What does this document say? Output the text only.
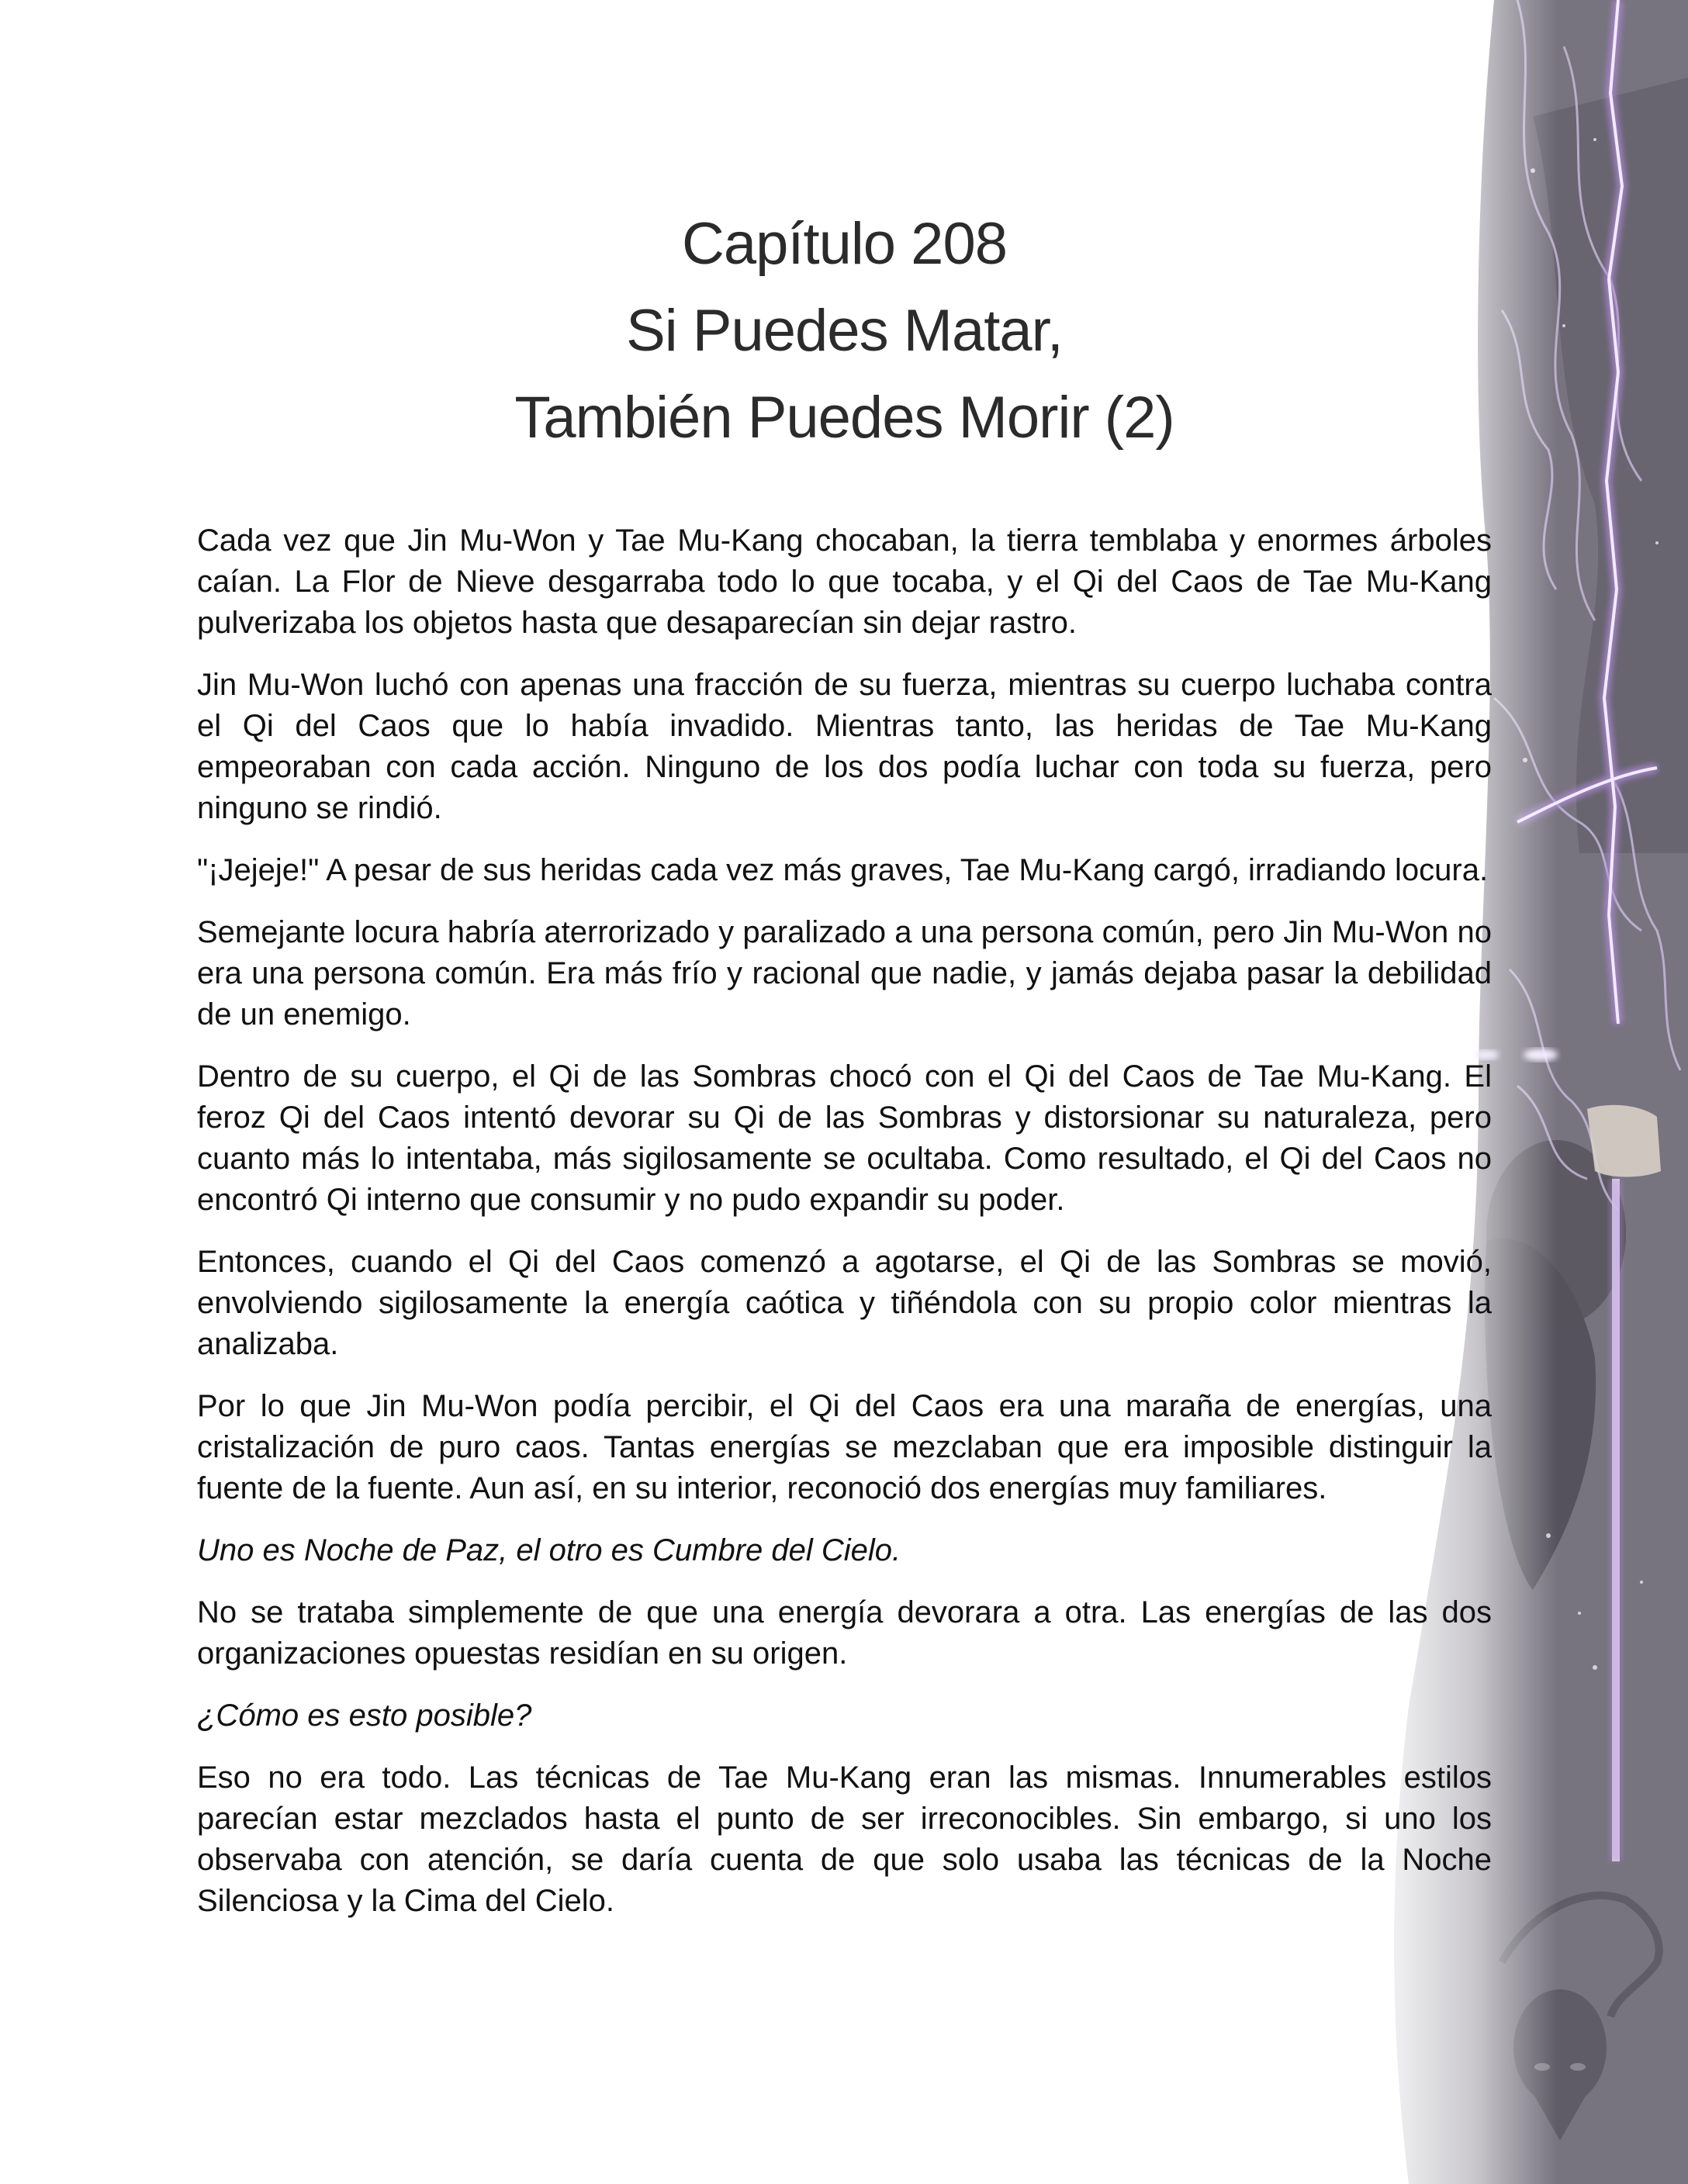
Capítulo 208
Si Puedes Matar,
También Puedes Morir (2)

Cada vez que Jin Mu-Won y Tae Mu-Kang chocaban, la tierra temblaba y enormes árboles caían. La Flor de Nieve desgarraba todo lo que tocaba, y el Qi del Caos de Tae Mu-Kang pulverizaba los objetos hasta que desaparecían sin dejar rastro.

Jin Mu-Won luchó con apenas una fracción de su fuerza, mientras su cuerpo luchaba contra el Qi del Caos que lo había invadido. Mientras tanto, las heridas de Tae Mu-Kang empeoraban con cada acción. Ninguno de los dos podía luchar con toda su fuerza, pero ninguno se rindió.

"¡Jejeje!" A pesar de sus heridas cada vez más graves, Tae Mu-Kang cargó, irradiando locura.

Semejante locura habría aterrorizado y paralizado a una persona común, pero Jin Mu-Won no era una persona común. Era más frío y racional que nadie, y jamás dejaba pasar la debilidad de un enemigo.

Dentro de su cuerpo, el Qi de las Sombras chocó con el Qi del Caos de Tae Mu-Kang. El feroz Qi del Caos intentó devorar su Qi de las Sombras y distorsionar su naturaleza, pero cuanto más lo intentaba, más sigilosamente se ocultaba. Como resultado, el Qi del Caos no encontró Qi interno que consumir y no pudo expandir su poder.

Entonces, cuando el Qi del Caos comenzó a agotarse, el Qi de las Sombras se movió, envolviendo sigilosamente la energía caótica y tiñéndola con su propio color mientras la analizaba.

Por lo que Jin Mu-Won podía percibir, el Qi del Caos era una maraña de energías, una cristalización de puro caos. Tantas energías se mezclaban que era imposible distinguir la fuente de la fuente. Aun así, en su interior, reconoció dos energías muy familiares.

Uno es Noche de Paz, el otro es Cumbre del Cielo.

No se trataba simplemente de que una energía devorara a otra. Las energías de las dos organizaciones opuestas residían en su origen.

¿Cómo es esto posible?

Eso no era todo. Las técnicas de Tae Mu-Kang eran las mismas. Innumerables estilos parecían estar mezclados hasta el punto de ser irreconocibles. Sin embargo, si uno los observaba con atención, se daría cuenta de que solo usaba las técnicas de la Noche Silenciosa y la Cima del Cielo.
